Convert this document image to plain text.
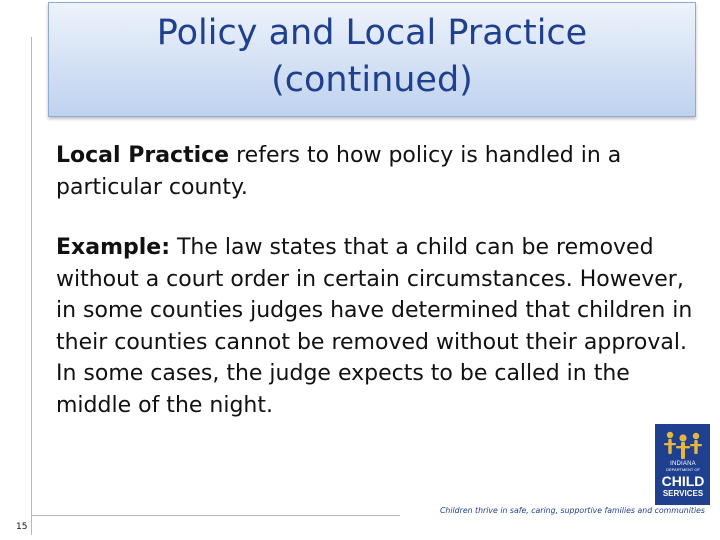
Policy and Local Practice
(continued)
Local Practice refers to how policy is handled in a particular county.
Example: The law states that a child can be removed without a court order in certain circumstances. However, in some counties judges have determined that children in their counties cannot be removed without their approval. In some cases, the judge expects to be called in the middle of the night.
INDIANA
DEPARTMENT OF
CHILD
SERVICES
Children thrive in safe, caring, supportive families and communities
15
